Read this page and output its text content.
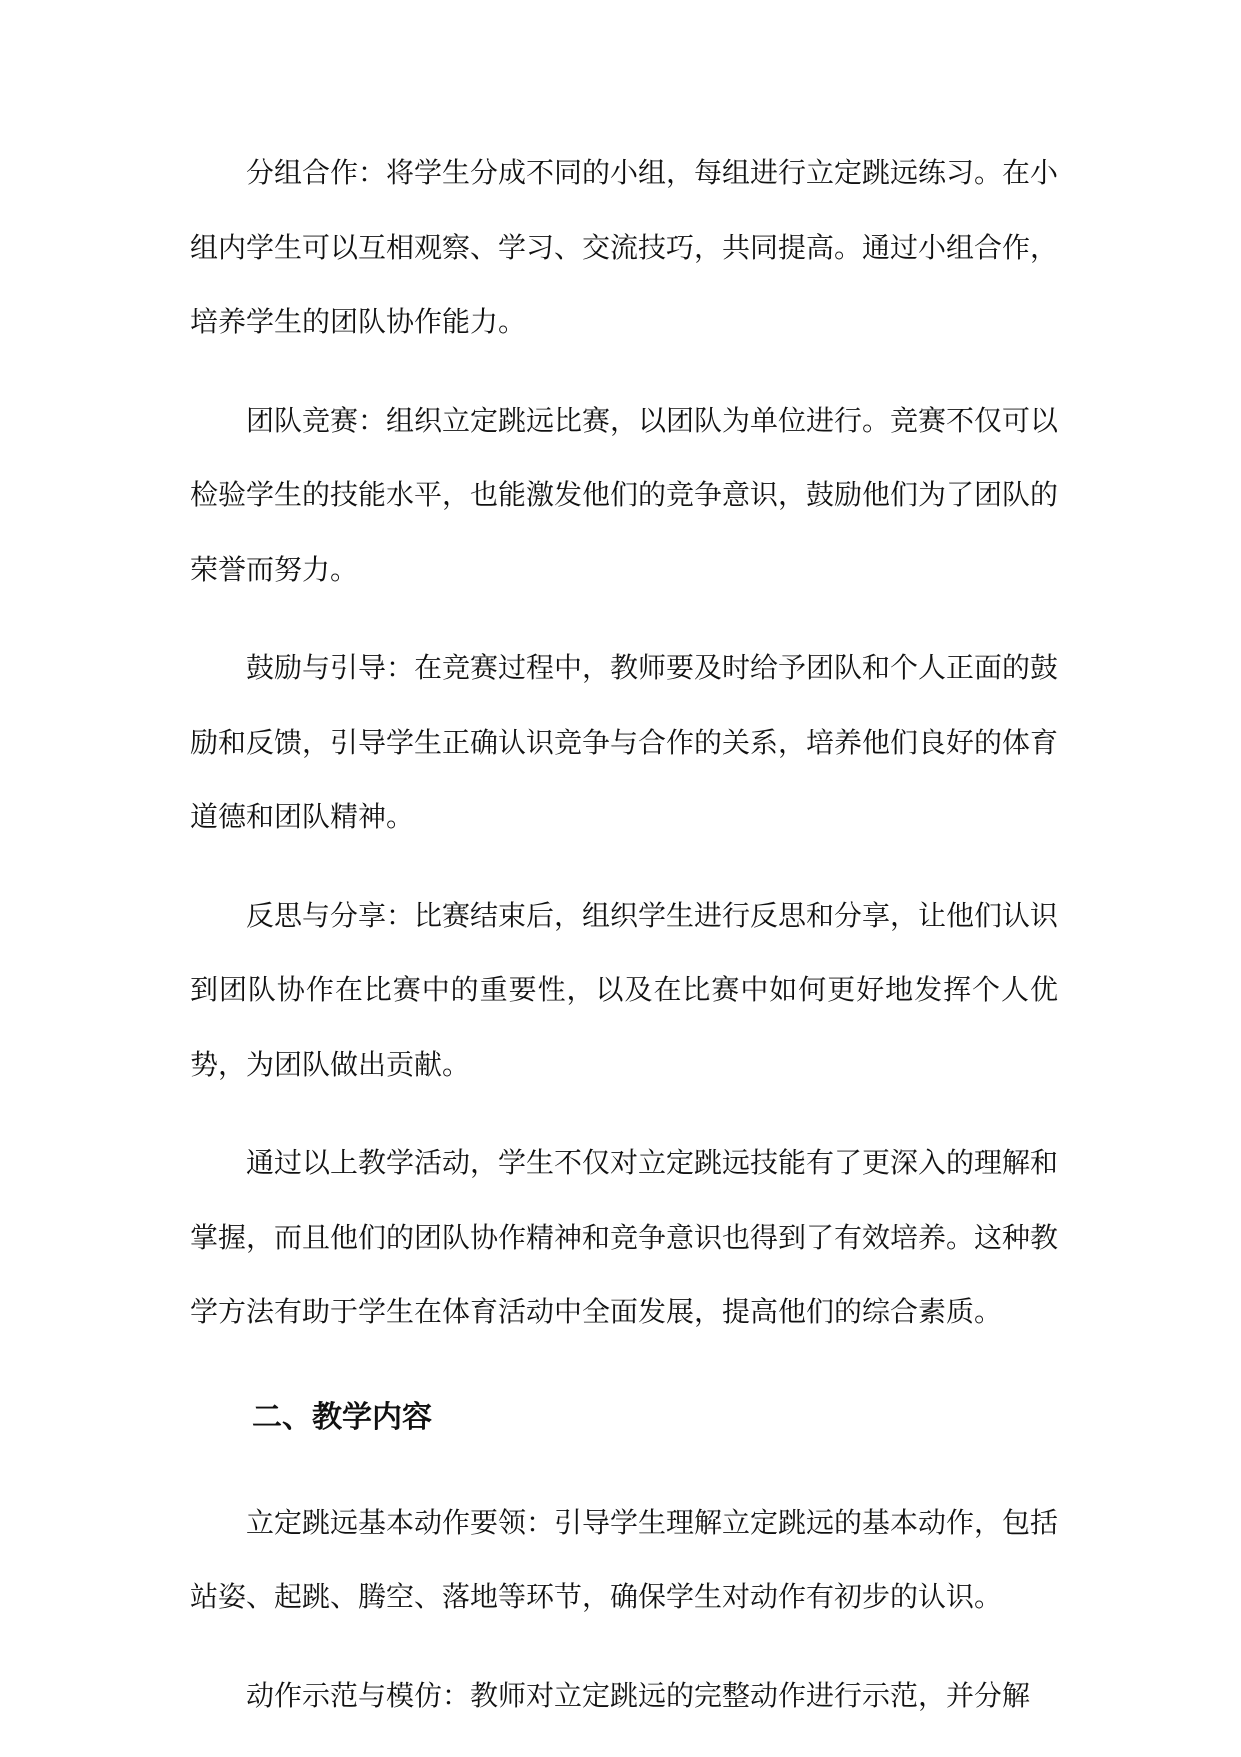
分组合作：将学生分成不同的小组，每组进行立定跳远练习。在小组内学生可以互相观察、学习、交流技巧，共同提高。通过小组合作，培养学生的团队协作能力。

团队竞赛：组织立定跳远比赛，以团队为单位进行。竞赛不仅可以检验学生的技能水平，也能激发他们的竞争意识，鼓励他们为了团队的荣誉而努力。

鼓励与引导：在竞赛过程中，教师要及时给予团队和个人正面的鼓励和反馈，引导学生正确认识竞争与合作的关系，培养他们良好的体育道德和团队精神。

反思与分享：比赛结束后，组织学生进行反思和分享，让他们认识到团队协作在比赛中的重要性，以及在比赛中如何更好地发挥个人优势，为团队做出贡献。

通过以上教学活动，学生不仅对立定跳远技能有了更深入的理解和掌握，而且他们的团队协作精神和竞争意识也得到了有效培养。这种教学方法有助于学生在体育活动中全面发展，提高他们的综合素质。

二、教学内容

立定跳远基本动作要领：引导学生理解立定跳远的基本动作，包括站姿、起跳、腾空、落地等环节，确保学生对动作有初步的认识。

动作示范与模仿：教师对立定跳远的完整动作进行示范，并分解
